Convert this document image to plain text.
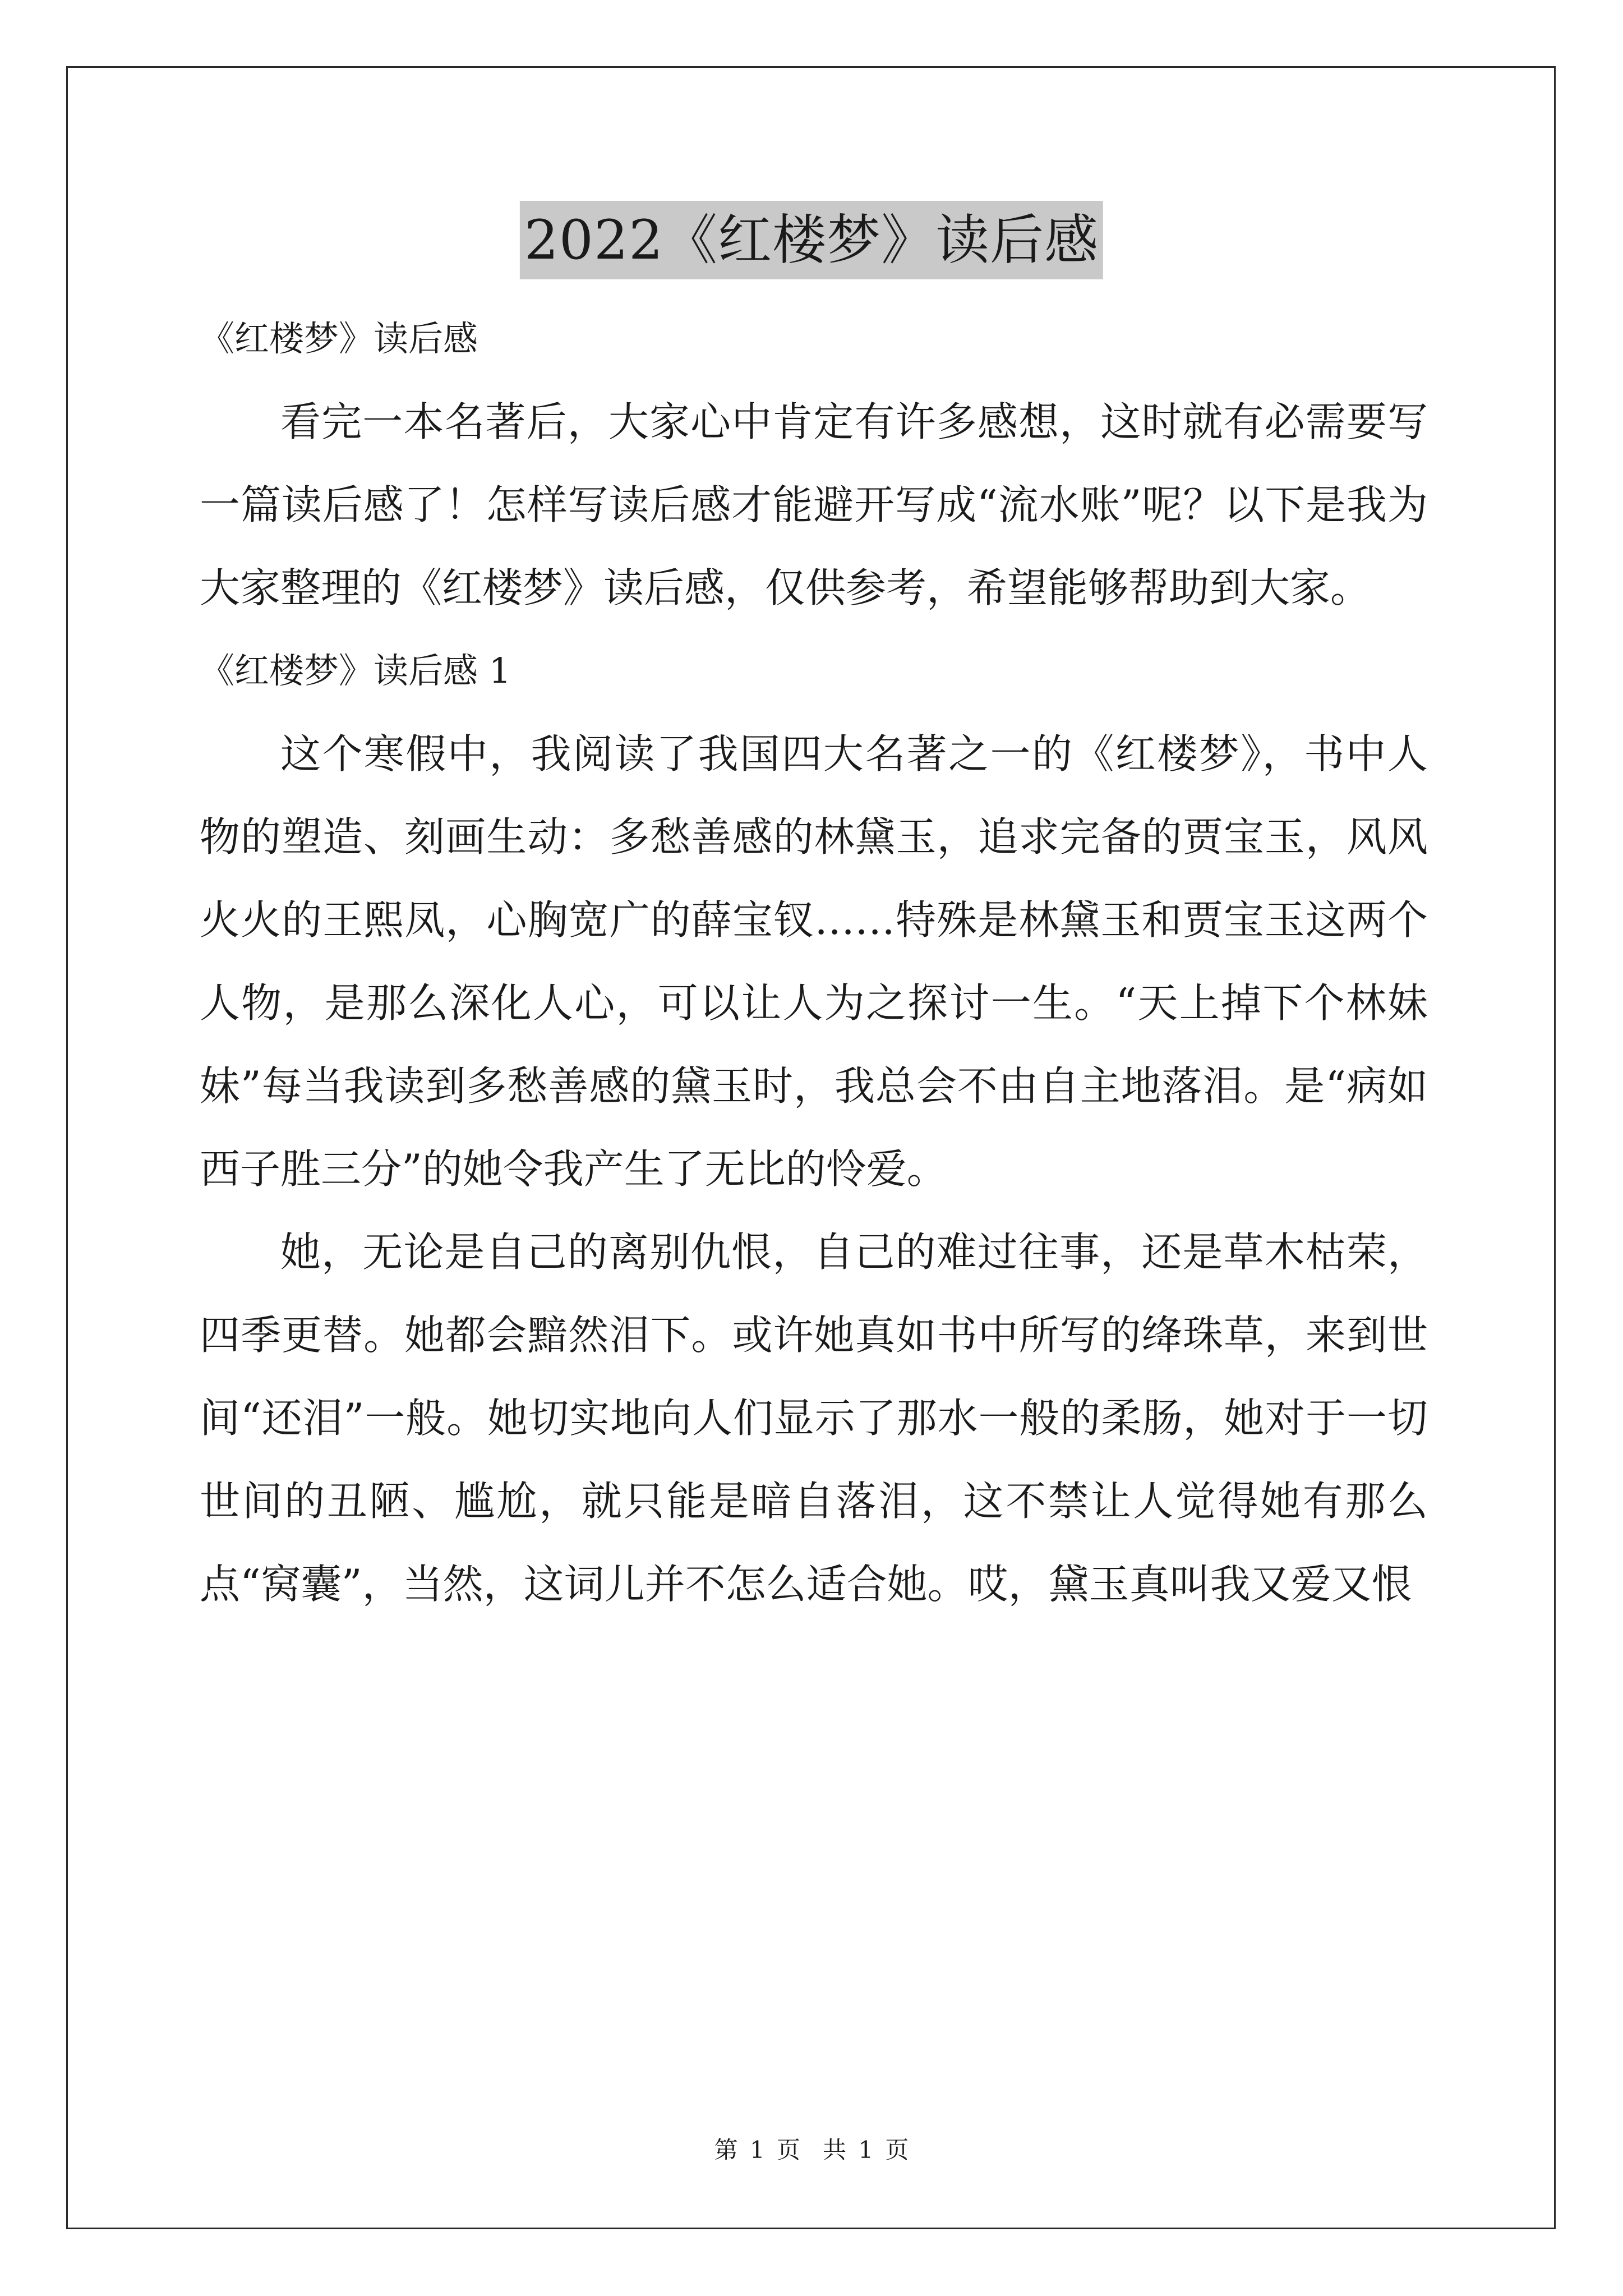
2022《红楼梦》读后感

《红楼梦》读后感

看完一本名著后，大家心中肯定有许多感想，这时就有必需要写一篇读后感了！怎样写读后感才能避开写成“流水账”呢？以下是我为大家整理的《红楼梦》读后感，仅供参考，希望能够帮助到大家。

《红楼梦》读后感 1

这个寒假中，我阅读了我国四大名著之一的《红楼梦》，书中人物的塑造、刻画生动：多愁善感的林黛玉，追求完备的贾宝玉，风风火火的王熙凤，心胸宽广的薛宝钗……特殊是林黛玉和贾宝玉这两个人物，是那么深化人心，可以让人为之探讨一生。“天上掉下个林妹妹”每当我读到多愁善感的黛玉时，我总会不由自主地落泪。是“病如西子胜三分”的她令我产生了无比的怜爱。

她，无论是自己的离别仇恨，自己的难过往事，还是草木枯荣，四季更替。她都会黯然泪下。或许她真如书中所写的绛珠草，来到世间“还泪”一般。她切实地向人们显示了那水一般的柔肠，她对于一切世间的丑陋、尴尬，就只能是暗自落泪，这不禁让人觉得她有那么点“窝囊”，当然，这词儿并不怎么适合她。哎，黛玉真叫我又爱又恨

第 1 页 共 1 页
